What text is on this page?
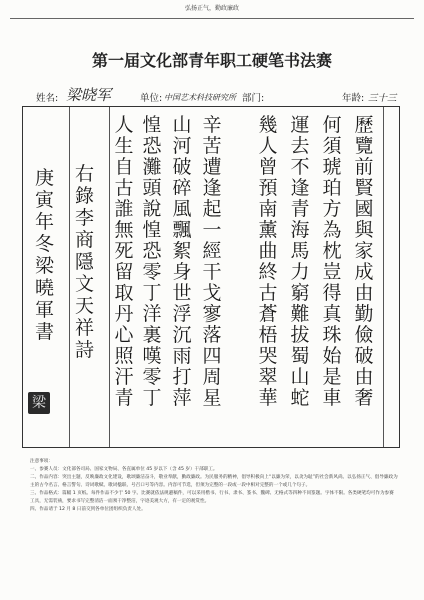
弘扬正气，勤政廉政
第一届文化部青年职工硬笔书法赛
姓名: 梁晓军	单位: 中国艺术科技研究所 部门:	年龄: 三十三
歷
覽
前
賢
國
與
家
成
由
勤
儉
破
由
奢
何
須
琥
珀
方
為
枕
豈
得
真
珠
始
是
車
運
去
不
逢
青
海
馬
力
窮
難
拔
蜀
山
蛇
幾
人
曾
預
南
薰
曲
終
古
蒼
梧
哭
翠
華
辛
苦
遭
逢
起
一
經
干
戈
寥
落
四
周
星
山
河
破
碎
風
飄
絮
身
世
浮
沉
雨
打
萍
惶
恐
灘
頭
說
惶
恐
零
丁
洋
裏
嘆
零
丁
人
生
自
古
誰
無
死
留
取
丹
心
照
汗
青
右
錄
李
商
隱
文
天
祥
詩
庚
寅
年
冬
梁
曉
軍
書
梁
注意事项：
一、参赛人员：文化部各司局、国家文物局、各直属单位 45 岁以下（含 45 岁）干部职工。
二、作品内容：突出主题，反映廉政文化建设，歌颂廉洁奋斗，敬业奉献，勤政廉政。为民服务的精神，倡导积极向上“以廉为荣，以贪为耻”的社会新风尚。以弘扬正气、倡导廉政为主的古今名言、格言警句、诗词歌赋、歌词楹联、号召口号等内容。内容可节选，但须为完整的一段或一段中相对完整的一个或几个句子。
三、作品格式：篇幅 1 页纸。每件作品不少于 50 字。比赛就依法规避稿件，可以采用楷书、行书、隶书、篆书、魏碑、无格式等四种不同篆题。字体不限。各类硬笔均可作为参赛工具，无需装裱，要求书写完整清洁一面须干净整洁，字迹美观大方，有一定的观赏性。
四、作品请于 12 月 8 日前交到各单位团组织负责人处。
